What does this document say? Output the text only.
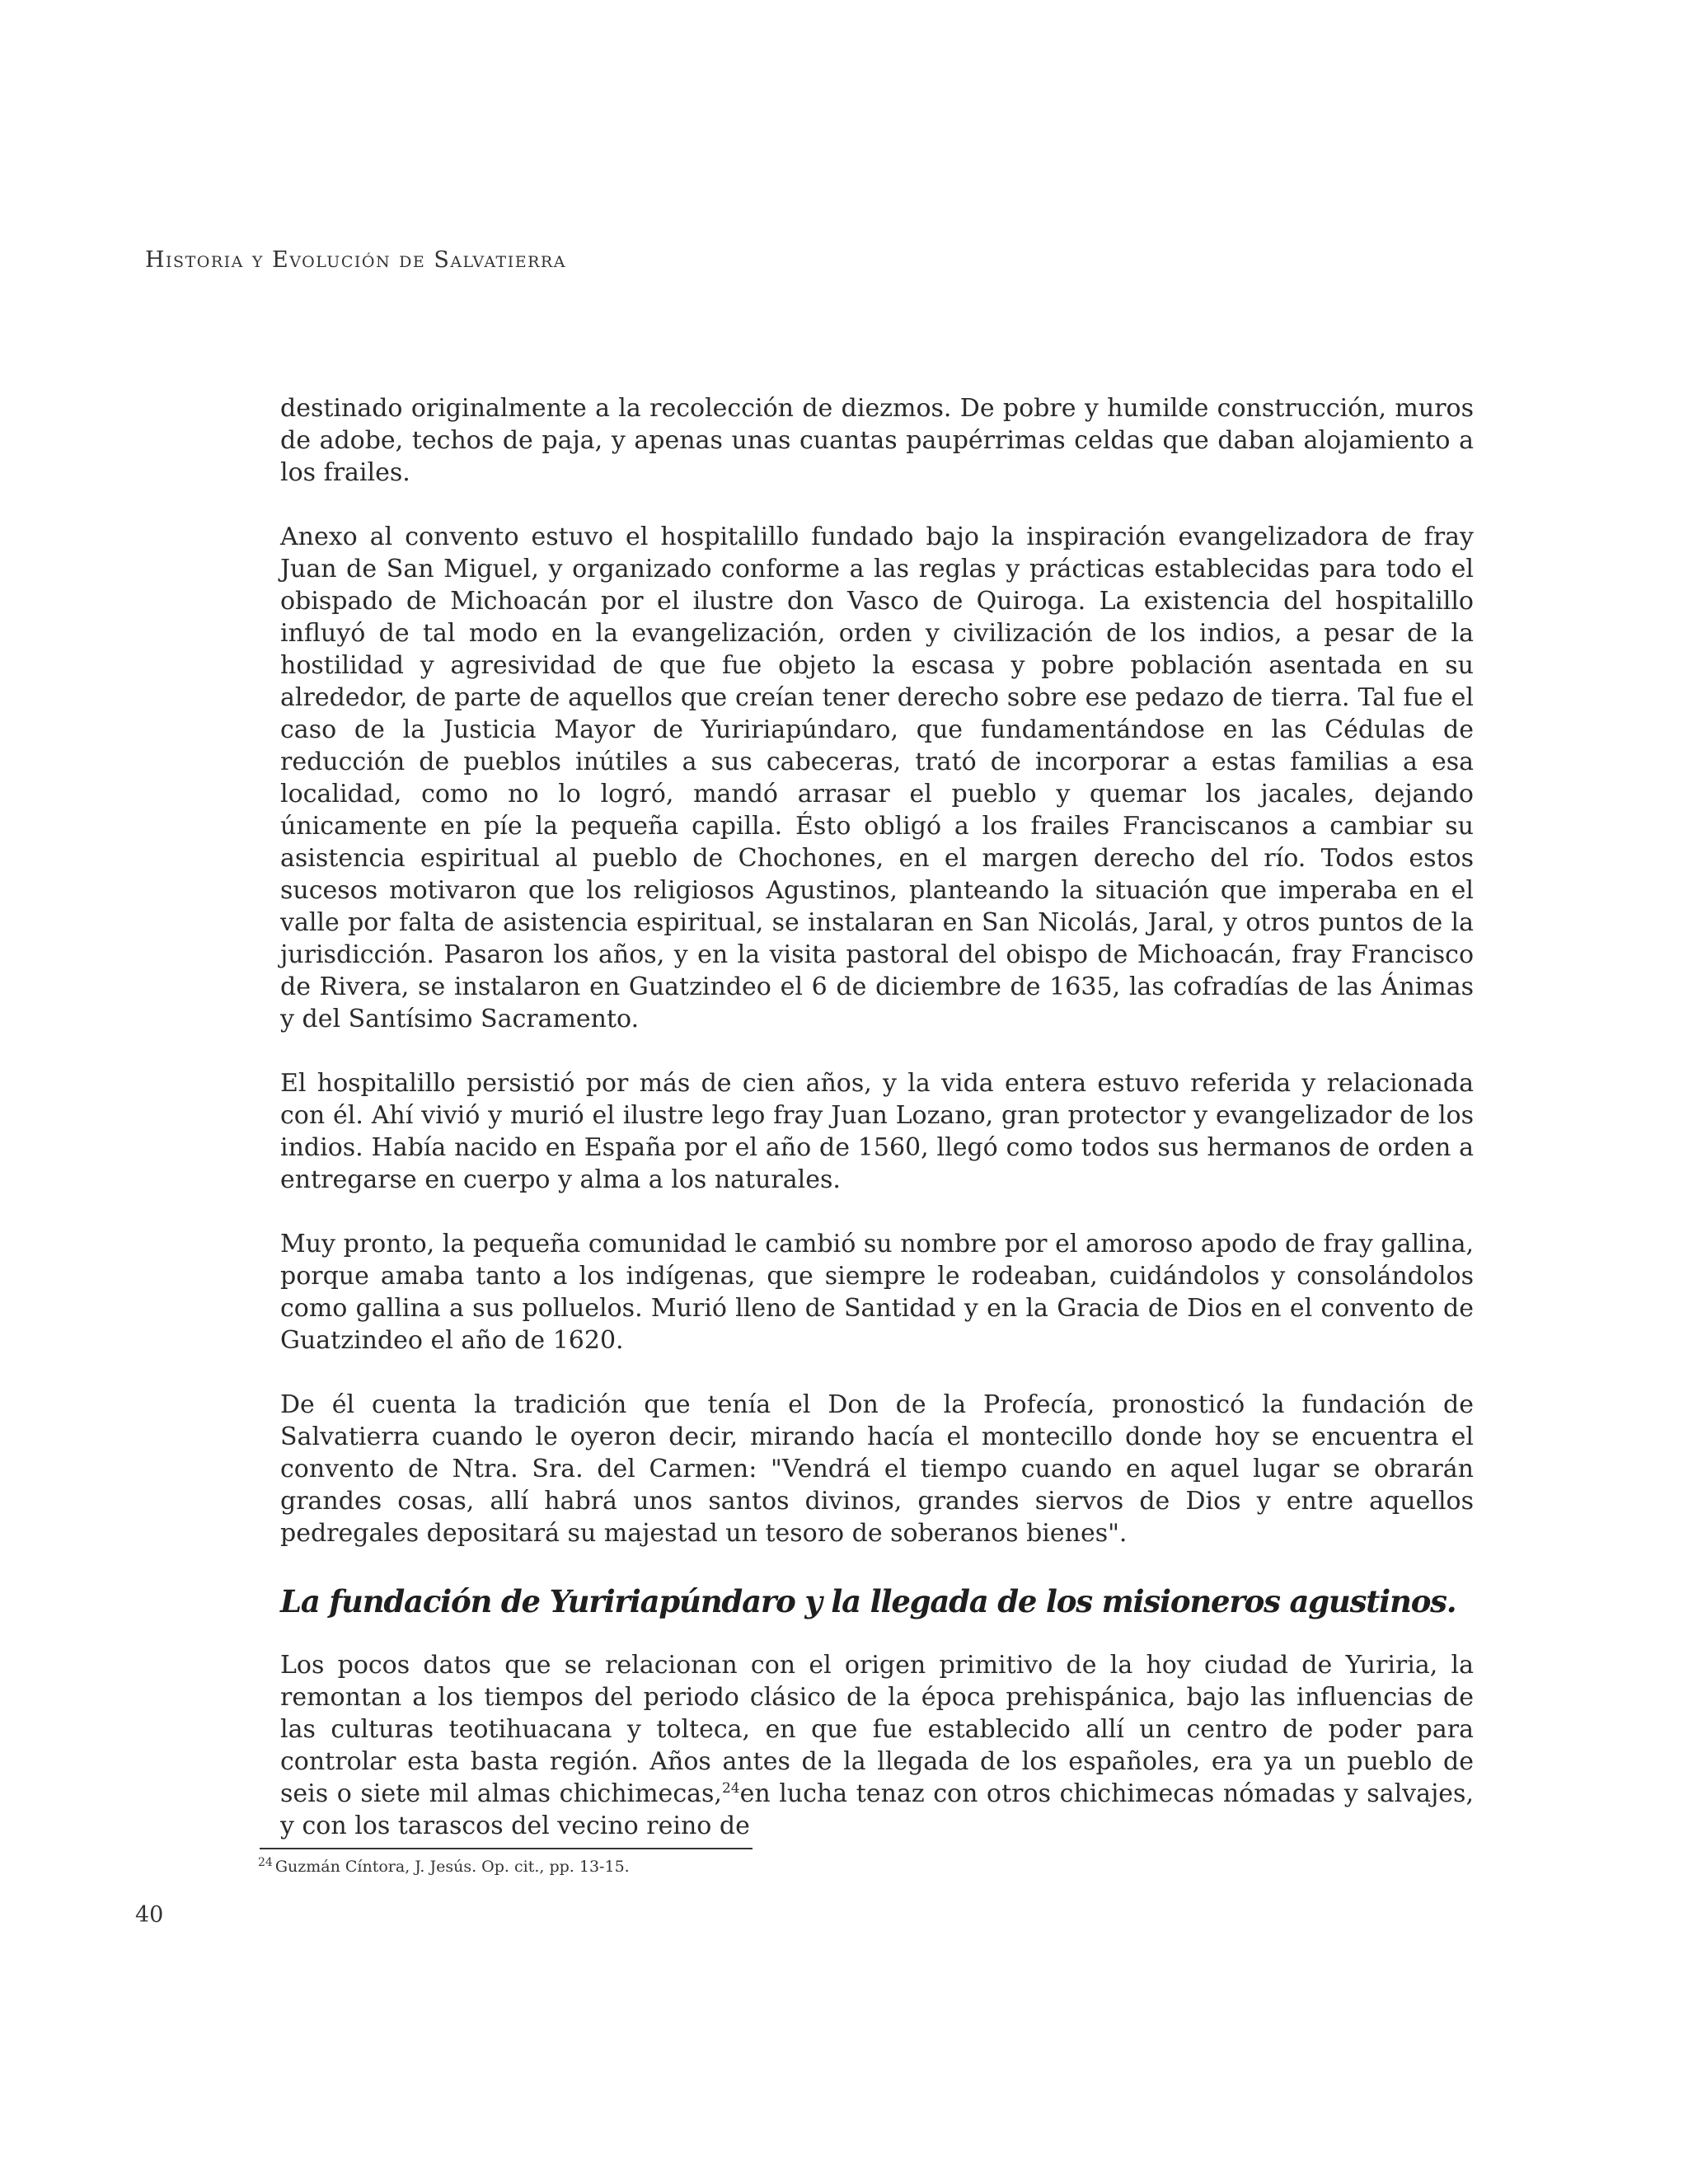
Historia y Evolución de Salvatierra

destinado originalmente a la recolección de diezmos. De pobre y humilde construcción, muros de adobe, techos de paja, y apenas unas cuantas paupérrimas celdas que daban alojamiento a los frailes.

Anexo al convento estuvo el hospitalillo fundado bajo la inspiración evangelizadora de fray Juan de San Miguel, y organizado conforme a las reglas y prácticas establecidas para todo el obispado de Michoacán por el ilustre don Vasco de Quiroga. La existencia del hospitalillo influyó de tal modo en la evangelización, orden y civilización de los indios, a pesar de la hostilidad y agresividad de que fue objeto la escasa y pobre población asentada en su alrededor, de parte de aquellos que creían tener derecho sobre ese pedazo de tierra. Tal fue el caso de la Justicia Mayor de Yuririapúndaro, que fundamentándose en las Cédulas de reducción de pueblos inútiles a sus cabeceras, trató de incorporar a estas familias a esa localidad, como no lo logró, mandó arrasar el pueblo y quemar los jacales, dejando únicamente en píe la pequeña capilla. Ésto obligó a los frailes Franciscanos a cambiar su asistencia espiritual al pueblo de Chochones, en el margen derecho del río. Todos estos sucesos motivaron que los religiosos Agustinos, planteando la situación que imperaba en el valle por falta de asistencia espiritual, se instalaran en San Nicolás, Jaral, y otros puntos de la jurisdicción. Pasaron los años, y en la visita pastoral del obispo de Michoacán, fray Francisco de Rivera, se instalaron en Guatzindeo el 6 de diciembre de 1635, las cofradías de las Ánimas y del Santísimo Sacramento.

El hospitalillo persistió por más de cien años, y la vida entera estuvo referida y relacionada con él. Ahí vivió y murió el ilustre lego fray Juan Lozano, gran protector y evangelizador de los indios. Había nacido en España por el año de 1560, llegó como todos sus hermanos de orden a entregarse en cuerpo y alma a los naturales.

Muy pronto, la pequeña comunidad le cambió su nombre por el amoroso apodo de fray gallina, porque amaba tanto a los indígenas, que siempre le rodeaban, cuidándolos y consolándolos como gallina a sus polluelos. Murió lleno de Santidad y en la Gracia de Dios en el convento de Guatzindeo el año de 1620.

De él cuenta la tradición que tenía el Don de la Profecía, pronosticó la fundación de Salvatierra cuando le oyeron decir, mirando hacía el montecillo donde hoy se encuentra el convento de Ntra. Sra. del Carmen: "Vendrá el tiempo cuando en aquel lugar se obrarán grandes cosas, allí habrá unos santos divinos, grandes siervos de Dios y entre aquellos pedregales depositará su majestad un tesoro de soberanos bienes".

La fundación de Yuririapúndaro y la llegada de los misioneros agustinos.

Los pocos datos que se relacionan con el origen primitivo de la hoy ciudad de Yuriria, la remontan a los tiempos del periodo clásico de la época prehispánica, bajo las influencias de las culturas teotihuacana y tolteca, en que fue establecido allí un centro de poder para controlar esta basta región. Años antes de la llegada de los españoles, era ya un pueblo de seis o siete mil almas chichimecas,$^{24}$en lucha tenaz con otros chichimecas nómadas y salvajes, y con los tarascos del vecino reino de

$^{24}$ Guzmán Cíntora, J. Jesús. Op. cit., pp. 13-15.
40
